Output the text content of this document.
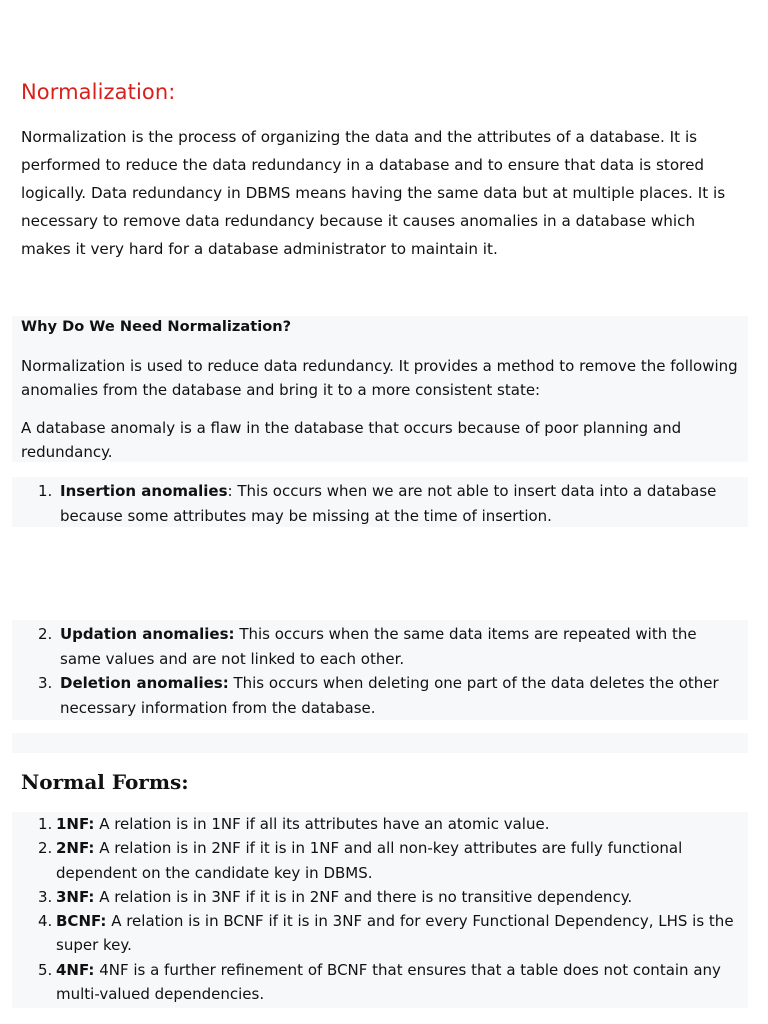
Normalization:
Normalization is the process of organizing the data and the attributes of a database. It is performed to reduce the data redundancy in a database and to ensure that data is stored logically. Data redundancy in DBMS means having the same data but at multiple places. It is necessary to remove data redundancy because it causes anomalies in a database which makes it very hard for a database administrator to maintain it.
Why Do We Need Normalization?
Normalization is used to reduce data redundancy. It provides a method to remove the following anomalies from the database and bring it to a more consistent state:
A database anomaly is a flaw in the database that occurs because of poor planning and redundancy.
1. Insertion anomalies: This occurs when we are not able to insert data into a database because some attributes may be missing at the time of insertion.
2. Updation anomalies: This occurs when the same data items are repeated with the same values and are not linked to each other.
3. Deletion anomalies: This occurs when deleting one part of the data deletes the other necessary information from the database.
Normal Forms:
1. 1NF: A relation is in 1NF if all its attributes have an atomic value.
2. 2NF: A relation is in 2NF if it is in 1NF and all non-key attributes are fully functional dependent on the candidate key in DBMS.
3. 3NF: A relation is in 3NF if it is in 2NF and there is no transitive dependency.
4. BCNF: A relation is in BCNF if it is in 3NF and for every Functional Dependency, LHS is the super key.
5. 4NF: 4NF is a further refinement of BCNF that ensures that a table does not contain any multi-valued dependencies.
